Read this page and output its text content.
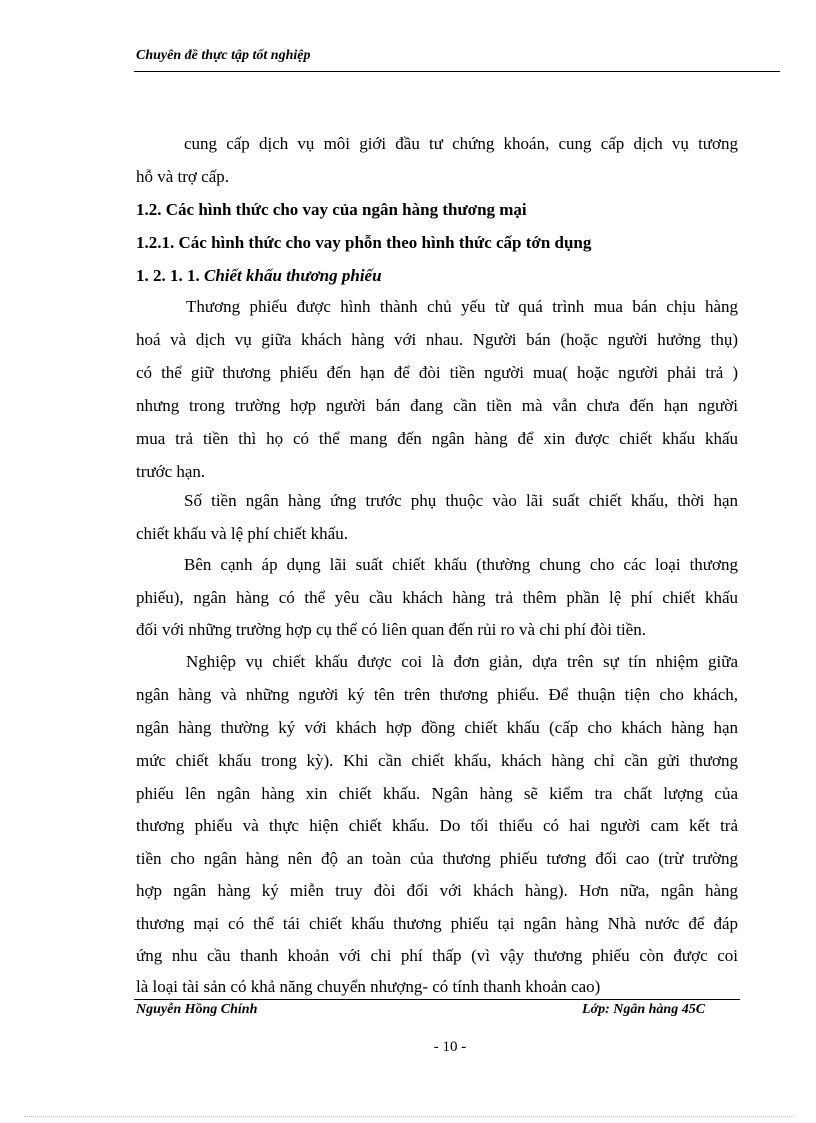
Chuyên đề thực tập tốt nghiệp
cung cấp dịch vụ môi giới đầu tư chứng khoán, cung cấp dịch vụ tương
hỗ và trợ cấp.
1.2. Các hình thức cho vay của ngân hàng thương mại
1.2.1. Các hình thức cho vay phỗn theo hình thức cấp tớn dụng
1. 2. 1. 1. Chiết khấu thương phiếu
Thương phiếu được hình thành chủ yếu từ quá trình mua bán chịu hàng
hoá và dịch vụ giữa khách hàng với nhau. Người bán (hoặc người hưởng thụ)
có thể giữ thương phiếu đến hạn để đòi tiền người mua( hoặc người phải trả )
nhưng trong trường hợp người bán đang cần tiền mà vẫn chưa đến hạn người
mua trả tiền thì họ có thể mang đến ngân hàng để xin được chiết khấu khấu
trước hạn.
Số tiền ngân hàng ứng trước phụ thuộc vào lãi suất chiết khấu, thời hạn
chiết khấu và lệ phí chiết khấu.
Bên cạnh áp dụng lãi suất chiết khấu (thường chung cho các loại thương
phiếu), ngân hàng có thể yêu cầu khách hàng trả thêm phần lệ phí chiết khấu
đối với những trường hợp cụ thể có liên quan đến rủi ro và chi phí đòi tiền.
Nghiệp vụ chiết khấu được coi là đơn giản, dựa trên sự tín nhiệm giữa
ngân hàng và những người ký tên trên thương phiếu. Để thuận tiện cho khách,
ngân hàng thường ký với khách hợp đồng chiết khấu (cấp cho khách hàng hạn
mức chiết khấu trong kỳ). Khi cần chiết khấu, khách hàng chỉ cần gửi thương
phiếu lên ngân hàng xin chiết khấu. Ngân hàng sẽ kiểm tra chất lượng của
thương phiếu và thực hiện chiết khấu. Do tối thiểu có hai người cam kết trả
tiền cho ngân hàng nên độ an toàn của thương phiếu tương đối cao (trừ trường
hợp ngân hàng ký miễn truy đòi đối với khách hàng). Hơn nữa, ngân hàng
thương mại có thể tái chiết khấu thương phiếu tại ngân hàng Nhà nước để đáp
ứng nhu cầu thanh khoản với chi phí thấp (vì vậy thương phiếu còn được coi
là loại tài sản có khả năng chuyển nhượng- có tính thanh khoản cao)
Nguyễn Hồng Chính	Lớp: Ngân hàng 45C
- 10 -
